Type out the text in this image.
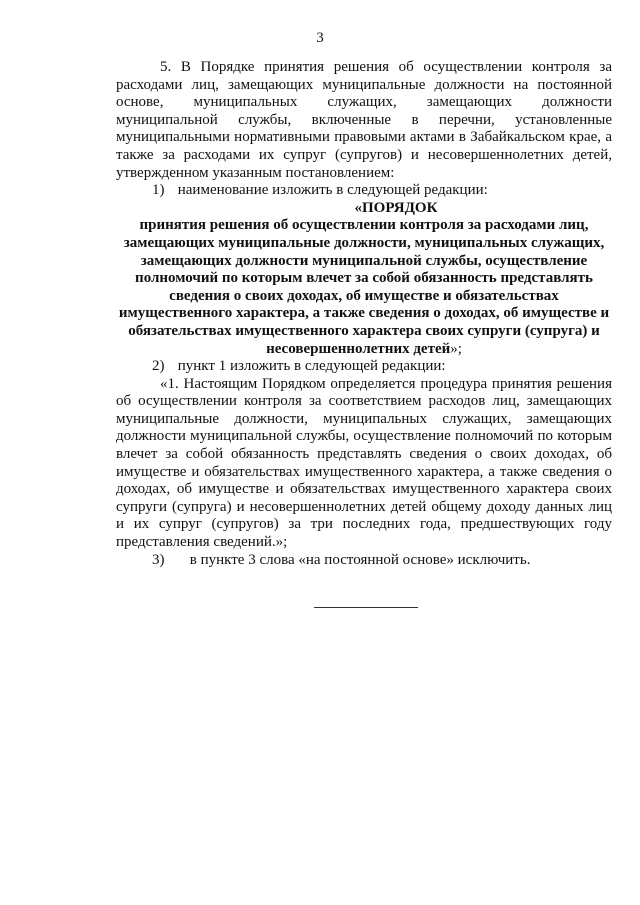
3

5. В Порядке принятия решения об осуществлении контроля за расходами лиц, замещающих муниципальные должности на постоянной основе, муниципальных служащих, замещающих должности муниципальной службы, включенные в перечни, установленные муниципальными нормативными правовыми актами в Забайкальском крае, а также за расходами их супруг (супругов) и несовершеннолетних детей, утвержденном указанным постановлением:

1) наименование изложить в следующей редакции:

«ПОРЯДОК

принятия решения об осуществлении контроля за расходами лиц, замещающих муниципальные должности, муниципальных служащих, замещающих должности муниципальной службы, осуществление полномочий по которым влечет за собой обязанность представлять сведения о своих доходах, об имуществе и обязательствах имущественного характера, а также сведения о доходах, об имуществе и обязательствах имущественного характера своих супруги (супруга) и несовершеннолетних детей»;

2) пункт 1 изложить в следующей редакции:

«1. Настоящим Порядком определяется процедура принятия решения об осуществлении контроля за соответствием расходов лиц, замещающих муниципальные должности, муниципальных служащих, замещающих должности муниципальной службы, осуществление полномочий по которым влечет за собой обязанность представлять сведения о своих доходах, об имуществе и обязательствах имущественного характера, а также сведения о доходах, об имуществе и обязательствах имущественного характера своих супруги (супруга) и несовершеннолетних детей общему доходу данных лиц и их супруг (супругов) за три последних года, предшествующих году представления сведений.»;

3) в пункте 3 слова «на постоянной основе» исключить.
